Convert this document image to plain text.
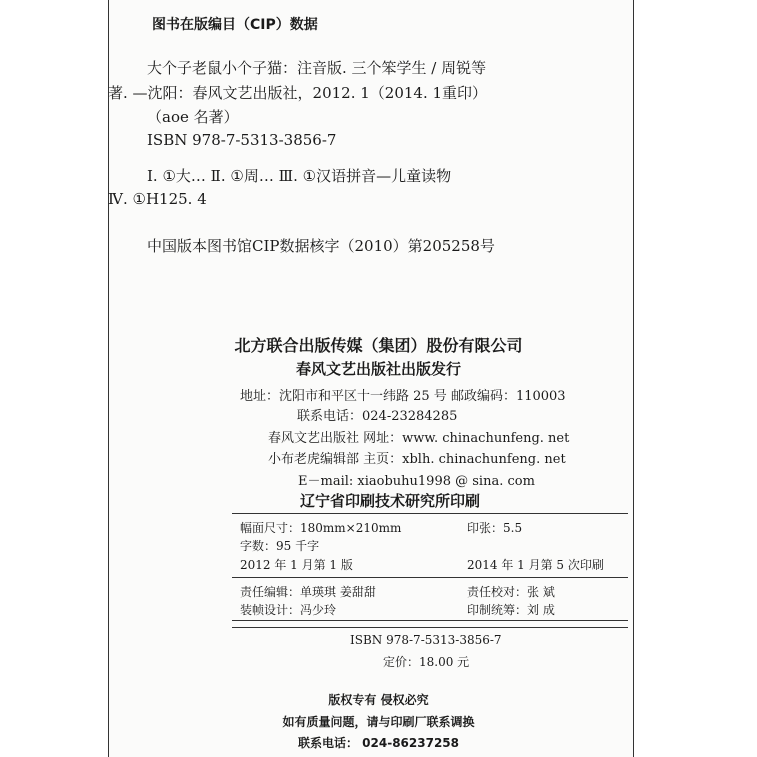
图书在版编目（CIP）数据
大个子老鼠小个子猫：注音版. 三个笨学生 / 周锐等
著. —沈阳：春风文艺出版社，2012. 1（2014. 1重印）
（aoe 名著）
ISBN 978-7-5313-3856-7
Ⅰ. ①大… Ⅱ. ①周… Ⅲ. ①汉语拼音—儿童读物
Ⅳ. ①H125. 4
中国版本图书馆CIP数据核字（2010）第205258号
北方联合出版传媒（集团）股份有限公司
春风文艺出版社出版发行
地址：沈阳市和平区十一纬路 25 号 邮政编码：110003
联系电话：024-23284285
春风文艺出版社 网址：www. chinachunfeng. net
小布老虎编辑部 主页：xblh. chinachunfeng. net
E－mail: xiaobuhu1998 @ sina. com
辽宁省印刷技术研究所印刷
幅面尺寸：180mm×210mm
字数：95 千字
2012 年 1 月第 1 版
印张：5.5
2014 年 1 月第 5 次印刷
责任编辑：单瑛琪 姜甜甜
装帧设计：冯少玲
责任校对：张 斌
印制统筹：刘 成
ISBN 978-7-5313-3856-7
定价：18.00 元
版权专有 侵权必究
如有质量问题，请与印刷厂联系调换
联系电话： 024-86237258
